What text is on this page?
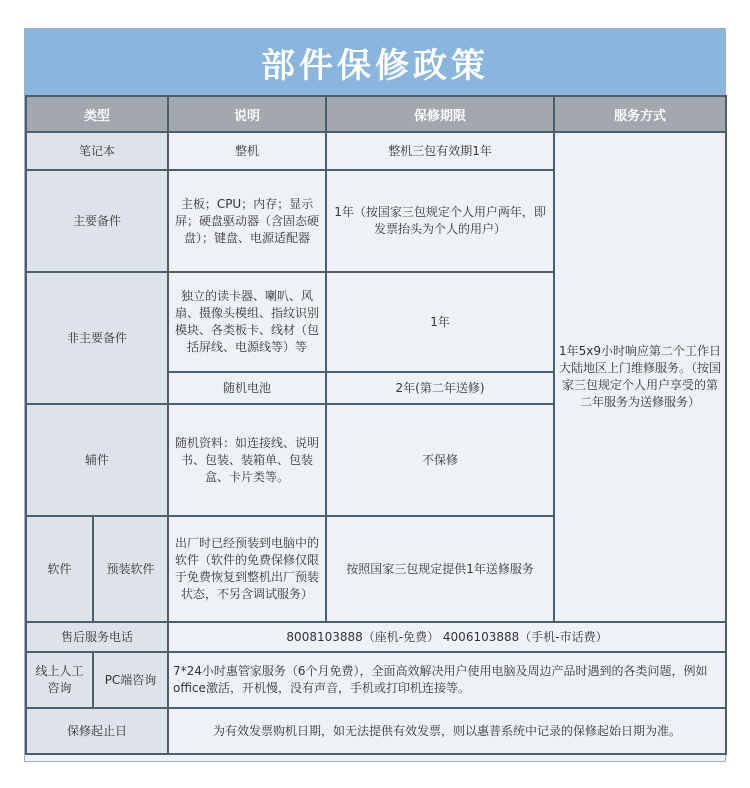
部件保修政策
类型		说明	保修期限	服务方式
笔记本		整机	整机三包有效期1年	1年5x9小时响应第二个工作日大陆地区上门维修服务。（按国家三包规定个人用户享受的第二年服务为送修服务）
主要备件		主板；CPU；内存；显示屏；硬盘驱动器（含固态硬盘）；键盘、电源适配器	1年（按国家三包规定个人用户两年，即发票抬头为个人的用户）	
非主要备件		独立的读卡器、喇叭、风扇、摄像头模组、指纹识别模块、各类板卡、线材（包括屏线、电源线等）等	1年	
		随机电池	2年(第二年送修)	
辅件		随机资料：如连接线、说明书、包装、装箱单、包装盒、卡片类等。	不保修	
软件	预装软件	出厂时已经预装到电脑中的软件（软件的免费保修仅限于免费恢复到整机出厂预装状态，不另含调试服务）	按照国家三包规定提供1年送修服务	
售后服务电话		8008103888（座机-免费） 4006103888（手机-市话费）		
线上人工咨询	PC端咨询	7*24小时惠管家服务（6个月免费），全面高效解决用户使用电脑及周边产品时遇到的各类问题，例如office激活，开机慢，没有声音，手机或打印机连接等。		
保修起止日		为有效发票购机日期，如无法提供有效发票，则以惠普系统中记录的保修起始日期为准。		
